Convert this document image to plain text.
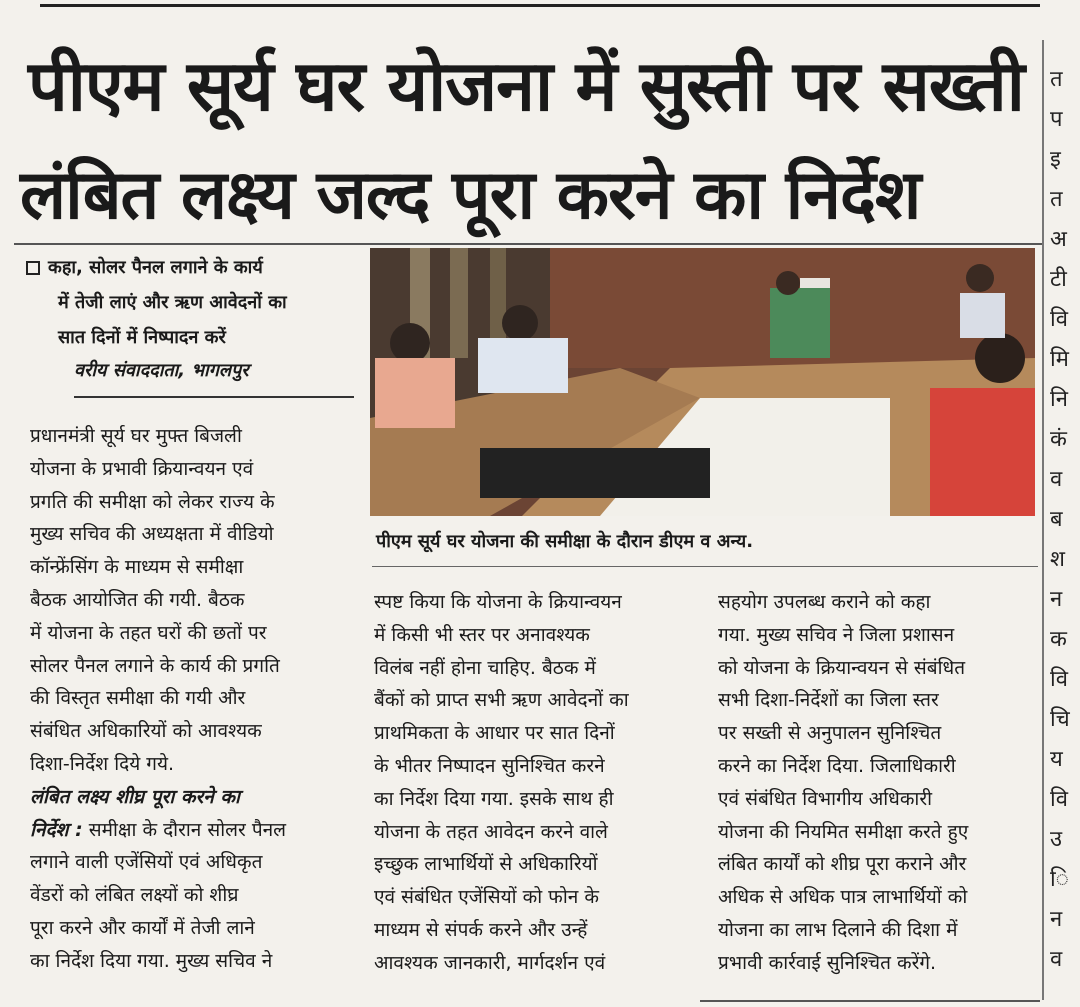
पीएम सूर्य घर योजना में सुस्ती पर सख्ती
लंबित लक्ष्य जल्द पूरा करने का निर्देश
त
प
इ
त
अ
टी
वि
मि
नि
कं
व
ब
श
न
क
वि
चि
य
वि
उ
ि
न
व
कहा, सोलर पैनल लगाने के कार्य
में तेजी लाएं और ऋण आवेदनों का
सात दिनों में निष्पादन करें
वरीय संवाददाता, भागलपुर
पीएम सूर्य घर योजना की समीक्षा के दौरान डीएम व अन्य.
प्रधानमंत्री सूर्य घर मुफ्त बिजली
योजना के प्रभावी क्रियान्वयन एवं
प्रगति की समीक्षा को लेकर राज्य के
मुख्य सचिव की अध्यक्षता में वीडियो
कॉन्फ्रेंसिंग के माध्यम से समीक्षा
बैठक आयोजित की गयी. बैठक
में योजना के तहत घरों की छतों पर
सोलर पैनल लगाने के कार्य की प्रगति
की विस्तृत समीक्षा की गयी और
संबंधित अधिकारियों को आवश्यक
दिशा-निर्देश दिये गये.
लंबित लक्ष्य शीघ्र पूरा करने का
निर्देश : समीक्षा के दौरान सोलर पैनल
लगाने वाली एजेंसियों एवं अधिकृत
वेंडरों को लंबित लक्ष्यों को शीघ्र
पूरा करने और कार्यों में तेजी लाने
का निर्देश दिया गया. मुख्य सचिव ने
स्पष्ट किया कि योजना के क्रियान्वयन
में किसी भी स्तर पर अनावश्यक
विलंब नहीं होना चाहिए. बैठक में
बैंकों को प्राप्त सभी ऋण आवेदनों का
प्राथमिकता के आधार पर सात दिनों
के भीतर निष्पादन सुनिश्चित करने
का निर्देश दिया गया. इसके साथ ही
योजना के तहत आवेदन करने वाले
इच्छुक लाभार्थियों से अधिकारियों
एवं संबंधित एजेंसियों को फोन के
माध्यम से संपर्क करने और उन्हें
आवश्यक जानकारी, मार्गदर्शन एवं
सहयोग उपलब्ध कराने को कहा
गया. मुख्य सचिव ने जिला प्रशासन
को योजना के क्रियान्वयन से संबंधित
सभी दिशा-निर्देशों का जिला स्तर
पर सख्ती से अनुपालन सुनिश्चित
करने का निर्देश दिया. जिलाधिकारी
एवं संबंधित विभागीय अधिकारी
योजना की नियमित समीक्षा करते हुए
लंबित कार्यों को शीघ्र पूरा कराने और
अधिक से अधिक पात्र लाभार्थियों को
योजना का लाभ दिलाने की दिशा में
प्रभावी कार्रवाई सुनिश्चित करेंगे.
